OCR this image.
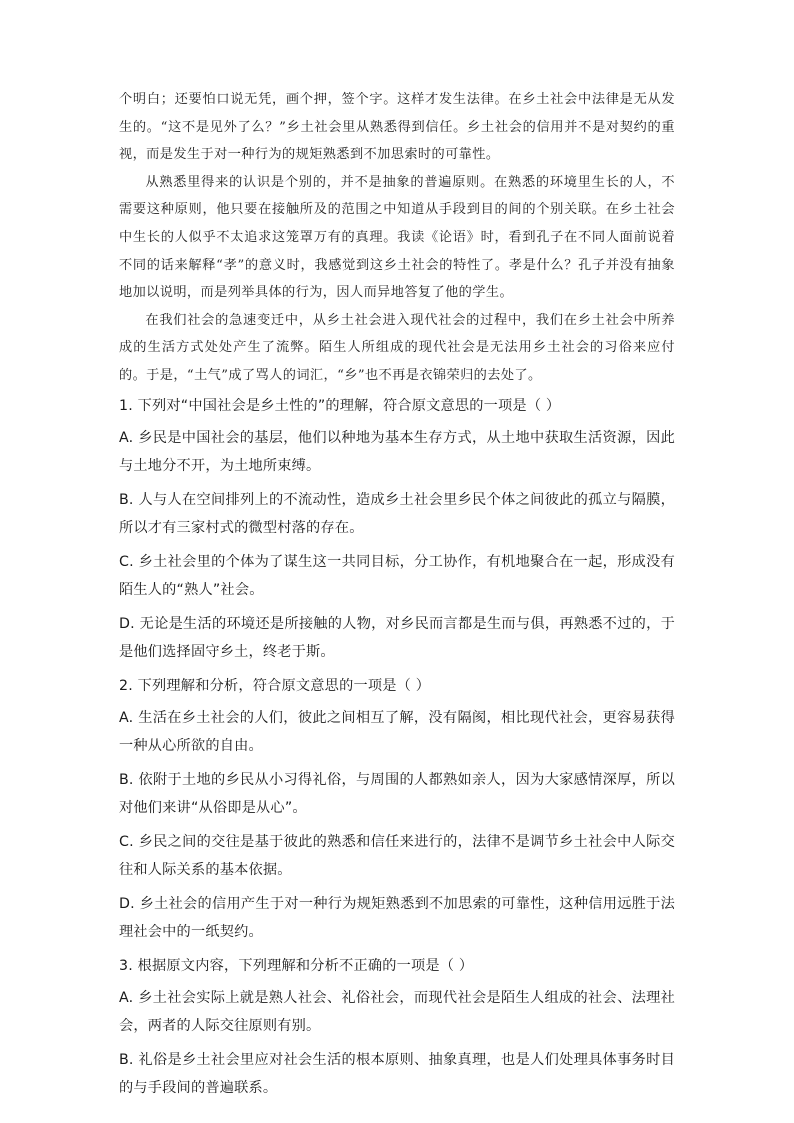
个明白；还要怕口说无凭，画个押，签个字。这样才发生法律。在乡土社会中法律是无从发生的。“这不是见外了么？”乡土社会里从熟悉得到信任。乡土社会的信用并不是对契约的重视，而是发生于对一种行为的规矩熟悉到不加思索时的可靠性。

从熟悉里得来的认识是个别的，并不是抽象的普遍原则。在熟悉的环境里生长的人，不需要这种原则，他只要在接触所及的范围之中知道从手段到目的间的个别关联。在乡土社会中生长的人似乎不太追求这笼罩万有的真理。我读《论语》时，看到孔子在不同人面前说着不同的话来解释“孝”的意义时，我感觉到这乡土社会的特性了。孝是什么？孔子并没有抽象地加以说明，而是列举具体的行为，因人而异地答复了他的学生。

在我们社会的急速变迁中，从乡土社会进入现代社会的过程中，我们在乡土社会中所养成的生活方式处处产生了流弊。陌生人所组成的现代社会是无法用乡土社会的习俗来应付的。于是，“土气”成了骂人的词汇，“乡”也不再是衣锦荣归的去处了。

1. 下列对“中国社会是乡土性的”的理解，符合原文意思的一项是（ ）

A. 乡民是中国社会的基层，他们以种地为基本生存方式，从土地中获取生活资源，因此与土地分不开，为土地所束缚。

B. 人与人在空间排列上的不流动性，造成乡土社会里乡民个体之间彼此的孤立与隔膜，所以才有三家村式的微型村落的存在。

C. 乡土社会里的个体为了谋生这一共同目标，分工协作，有机地聚合在一起，形成没有陌生人的“熟人”社会。

D. 无论是生活的环境还是所接触的人物，对乡民而言都是生而与俱，再熟悉不过的，于是他们选择固守乡土，终老于斯。

2. 下列理解和分析，符合原文意思的一项是（ ）

A. 生活在乡土社会的人们，彼此之间相互了解，没有隔阂，相比现代社会，更容易获得一种从心所欲的自由。

B. 依附于土地的乡民从小习得礼俗，与周围的人都熟如亲人，因为大家感情深厚，所以对他们来讲“从俗即是从心”。

C. 乡民之间的交往是基于彼此的熟悉和信任来进行的，法律不是调节乡土社会中人际交往和人际关系的基本依据。

D. 乡土社会的信用产生于对一种行为规矩熟悉到不加思索的可靠性，这种信用远胜于法理社会中的一纸契约。

3. 根据原文内容，下列理解和分析不正确的一项是（ ）

A. 乡土社会实际上就是熟人社会、礼俗社会，而现代社会是陌生人组成的社会、法理社会，两者的人际交往原则有别。

B. 礼俗是乡土社会里应对社会生活的根本原则、抽象真理，也是人们处理具体事务时目的与手段间的普遍联系。
